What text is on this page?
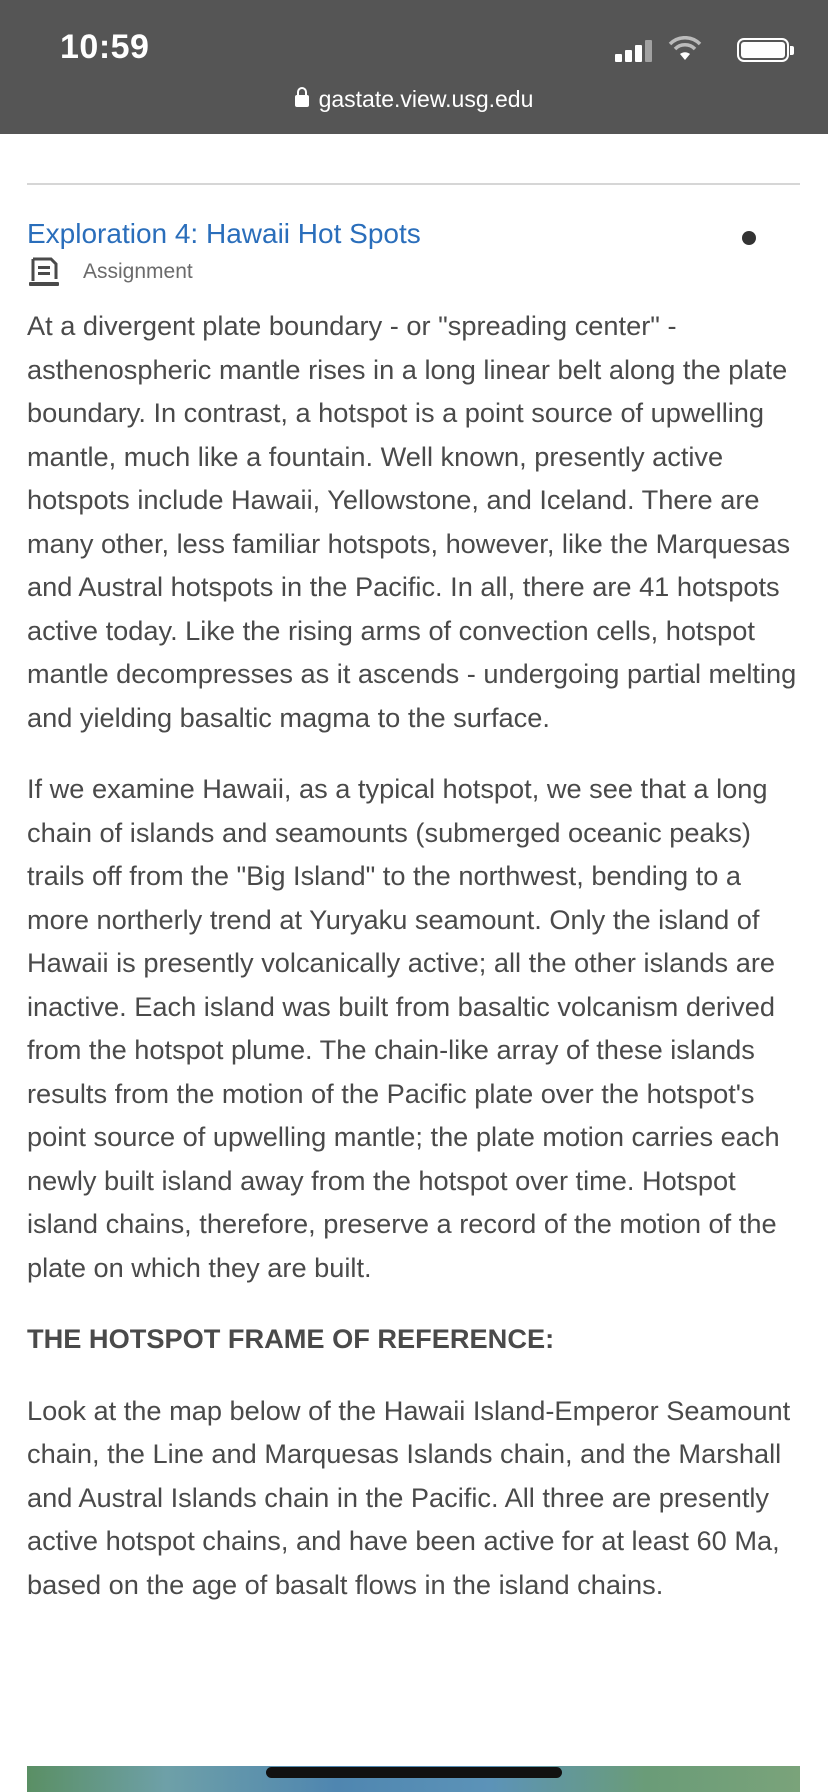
10:59
gastate.view.usg.edu
Exploration 4: Hawaii Hot Spots
Assignment

At a divergent plate boundary - or "spreading center" - asthenospheric mantle rises in a long linear belt along the plate boundary. In contrast, a hotspot is a point source of upwelling mantle, much like a fountain. Well known, presently active hotspots include Hawaii, Yellowstone, and Iceland. There are many other, less familiar hotspots, however, like the Marquesas and Austral hotspots in the Pacific. In all, there are 41 hotspots active today. Like the rising arms of convection cells, hotspot mantle decompresses as it ascends - undergoing partial melting and yielding basaltic magma to the surface.

If we examine Hawaii, as a typical hotspot, we see that a long chain of islands and seamounts (submerged oceanic peaks) trails off from the "Big Island" to the northwest, bending to a more northerly trend at Yuryaku seamount. Only the island of Hawaii is presently volcanically active; all the other islands are inactive. Each island was built from basaltic volcanism derived from the hotspot plume. The chain-like array of these islands results from the motion of the Pacific plate over the hotspot's point source of upwelling mantle; the plate motion carries each newly built island away from the hotspot over time. Hotspot island chains, therefore, preserve a record of the motion of the plate on which they are built.

THE HOTSPOT FRAME OF REFERENCE:

Look at the map below of the Hawaii Island-Emperor Seamount chain, the Line and Marquesas Islands chain, and the Marshall and Austral Islands chain in the Pacific. All three are presently active hotspot chains, and have been active for at least 60 Ma, based on the age of basalt flows in the island chains.
